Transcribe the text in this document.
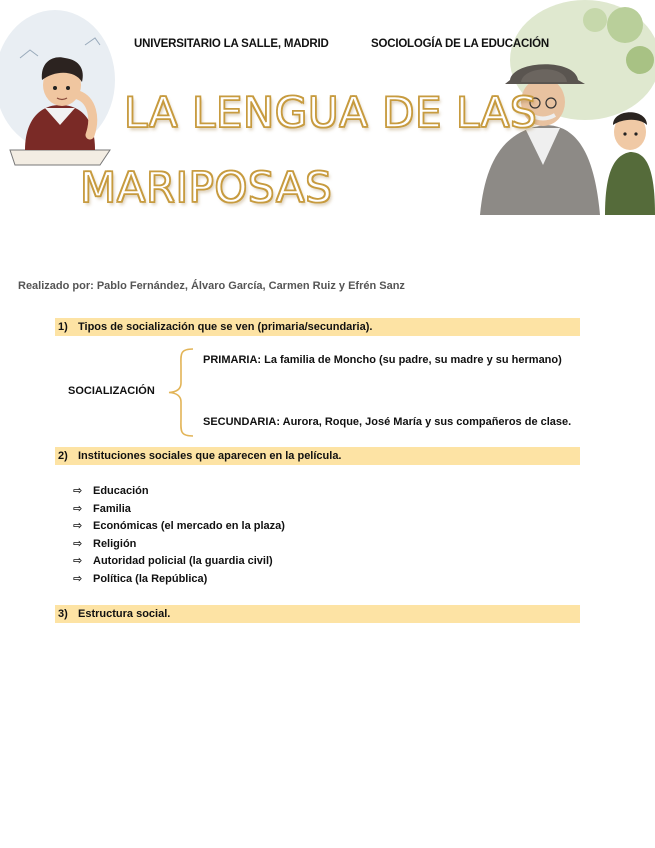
UNIVERSITARIO LA SALLE, MADRID	SOCIOLOGÍA DE LA EDUCACIÓN
LA LENGUA DE LAS
MARIPOSAS
Realizado por: Pablo Fernández, Álvaro García, Carmen Ruiz y Efrén Sanz
1) Tipos de socialización que se ven (primaria/secundaria).
SOCIALIZACIÓN
PRIMARIA: La familia de Moncho (su padre, su madre y su hermano)
SECUNDARIA: Aurora, Roque, José María y sus compañeros de clase.
2) Instituciones sociales que aparecen en la película.
⇨ Educación
⇨ Familia
⇨ Económicas (el mercado en la plaza)
⇨ Religión
⇨ Autoridad policial (la guardia civil)
⇨ Política (la República)
3) Estructura social.
